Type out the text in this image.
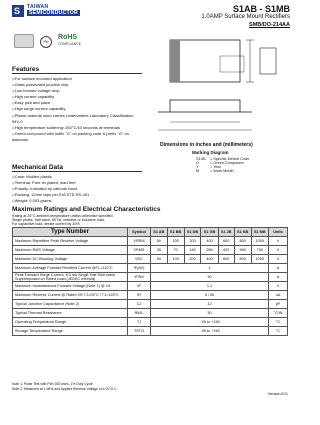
S TAIWAN
SEMICONDUCTOR	S1AB - S1MB
1.0AMP Surface Mount Rectifiers
SMB/DO-214AA
Pb
RoHS
COMPLIANCE
Features
◇ For surface mounted application
◇ Glass passivated junction chip
◇ Low forward voltage drop
◇ High current capability
◇ Easy pick and place
◇ High surge current capability
◇ Plastic material used carries Underwriters Laboratory Classification 94V-0
◇ High temperature soldering: 260°C/10 seconds at terminals
◇ Green compound with suffix "G" on packing code & prefix "G" on datecode
Mechanical Data
◇ Case: Molded plastic
◇ Terminal: Pure tin plated, lead free
◇ Polarity: Indicated by cathode band
◇ Packing: 12mm tape per EIA STD RS-481
◇ Weight: 0.093 grams
Dimensions in inches and (millimeters)
Marking Diagram
S1XB = Specific Device Code
G	= Green Compound
Y	= Year
M	= Work Month
Maximum Ratings and Electrical Characteristics
Rating at 25°C ambient temperature unless otherwise specified.
Single phase, half wave, 60 Hz, resistive or inductive load.
For capacitive load, derate current by 20%
Type Number	Symbol	S1 AB	S1 BB	S1 DB	S1 GB	S1 JB	S1 KB	S1 MB	Units
Maximum Repetitive Peak Reverse Voltage	VRRM	50	100	200	400	600	800	1000	V
Maximum RMS Voltage	VRMS	35	70	140	280	420	560	700	V
Maximum DC Blocking Voltage	VDC	50	100	200	400	600	800	1000	V
Maximum Average Forward Rectified Current @TL=110°C	IF(AV)	1							A
Peak Forward Surge Current, 8.3 ms Single Half Sine-wave Superimposed on Rated Load (JEDEC method)	IFSM	30							A
Maximum Instantaneous Forward Voltage (Note 1) @ 1A	VF	1.1							V
Maximum Reverse Current @ Rated VR TJ=25°C / TJ=125°C	IR	5 / 50							uA
Typical Junction Capacitance (Note 2)	CJ	12							pF
Typical Thermal Resistance	RθJL	30							°C/W
Operating Temperature Range	TJ	- 55 to +150							°C
Storage Temperature Range	TSTG	- 55 to +150							°C
Note 1: Pulse Test with PW=300 usec, 1% Duty Cycle
Note 2: Measured at 1 MHz and Applied Reverse Voltage of 4.0V D.C.
Version:E11
